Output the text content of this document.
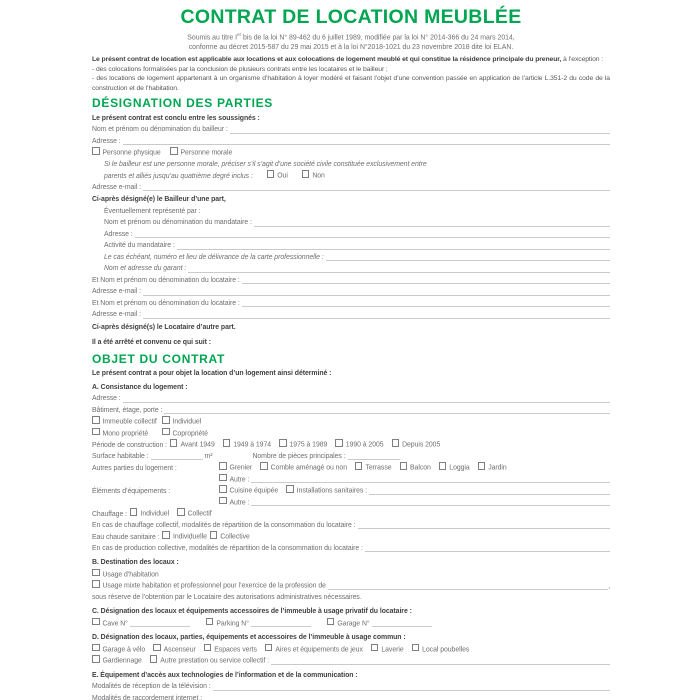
CONTRAT DE LOCATION MEUBLÉE

Soumis au titre Ier bis de la loi N° 89-462 du 6 juillet 1989, modifiée par la loi N° 2014-366 du 24 mars 2014,

conforme au décret 2015-587 du 29 mai 2015 et à la loi N°2018-1021 du 23 novembre 2018 dite loi ELAN.

Le présent contrat de location est applicable aux locations et aux colocations de logement meublé et qui constitue la résidence principale du preneur, à l’exception :
- des colocations formalisées par la conclusion de plusieurs contrats entre les locataires et le bailleur ;
- des locations de logement appartenant à un organisme d’habitation à loyer modéré et faisant l’objet d’une convention passée en application de l’article L.351-2 du code de la construction et de l’habitation.

DÉSIGNATION DES PARTIES
Le présent contrat est conclu entre les soussignés :
Nom et prénom ou dénomination du bailleur :
Adresse :
Personne physique	Personne morale
Si le bailleur est une personne morale, préciser s’il s’agit d’une société civile constituée exclusivement entre
parents et alliés jusqu’au quatrième degré inclus :	Oui	Non
Adresse e-mail :
Ci-après désigné(e) le Bailleur d’une part,
Éventuellement représenté par :
Nom et prénom ou dénomination du mandataire :
Adresse :
Activité du mandataire :
Le cas échéant, numéro et lieu de délivrance de la carte professionnelle :
Nom et adresse du garant :
Et Nom et prénom ou dénomination du locataire :
Adresse e-mail :
Et Nom et prénom ou dénomination du locataire :
Adresse e-mail :
Ci-après désigné(s) le Locataire d’autre part.
Il a été arrêté et convenu ce qui suit :
OBJET DU CONTRAT
Le présent contrat a pour objet la location d’un logement ainsi déterminé :
A. Consistance du logement :
Adresse :
Bâtiment, étage, porte :
Immeuble collectif	Individuel
Mono propriété	Copropriété
Période de construction :	Avant 1949	1949 à 1974	1975 à 1989	1990 à 2005	Depuis 2005
Surface habitable :	m²	Nombre de pièces principales :
Autres parties du logement :	Grenier	Comble aménagé ou non	Terrasse	Balcon	Loggia	Jardin
Autre :
Éléments d’équipements :	Cuisine équipée	Installations sanitaires :
Autre :
Chauffage :	Individuel	Collectif
En cas de chauffage collectif, modalités de répartition de la consommation du locataire :
Eau chaude sanitaire :	Individuelle	Collective
En cas de production collective, modalités de répartition de la consommation du locataire :
B. Destination des locaux :
Usage d’habitation
Usage mixte habitation et professionnel pour l’exercice de la profession de	,
sous réserve de l’obtention par le Locataire des autorisations administratives nécessaires.
C. Désignation des locaux et équipements accessoires de l’immeuble à usage privatif du locataire :
Cave N°	Parking N°	Garage N°
D. Désignation des locaux, parties, équipements et accessoires de l’immeuble à usage commun :
Garage à vélo	Ascenseur	Espaces verts	Aires et équipements de jeux	Laverie	Local poubelles
Gardiennage	Autre prestation ou service collectif :
E. Équipement d’accès aux technologies de l’information et de la communication :
Modalités de réception de la télévision :
Modalités de raccordement internet :
